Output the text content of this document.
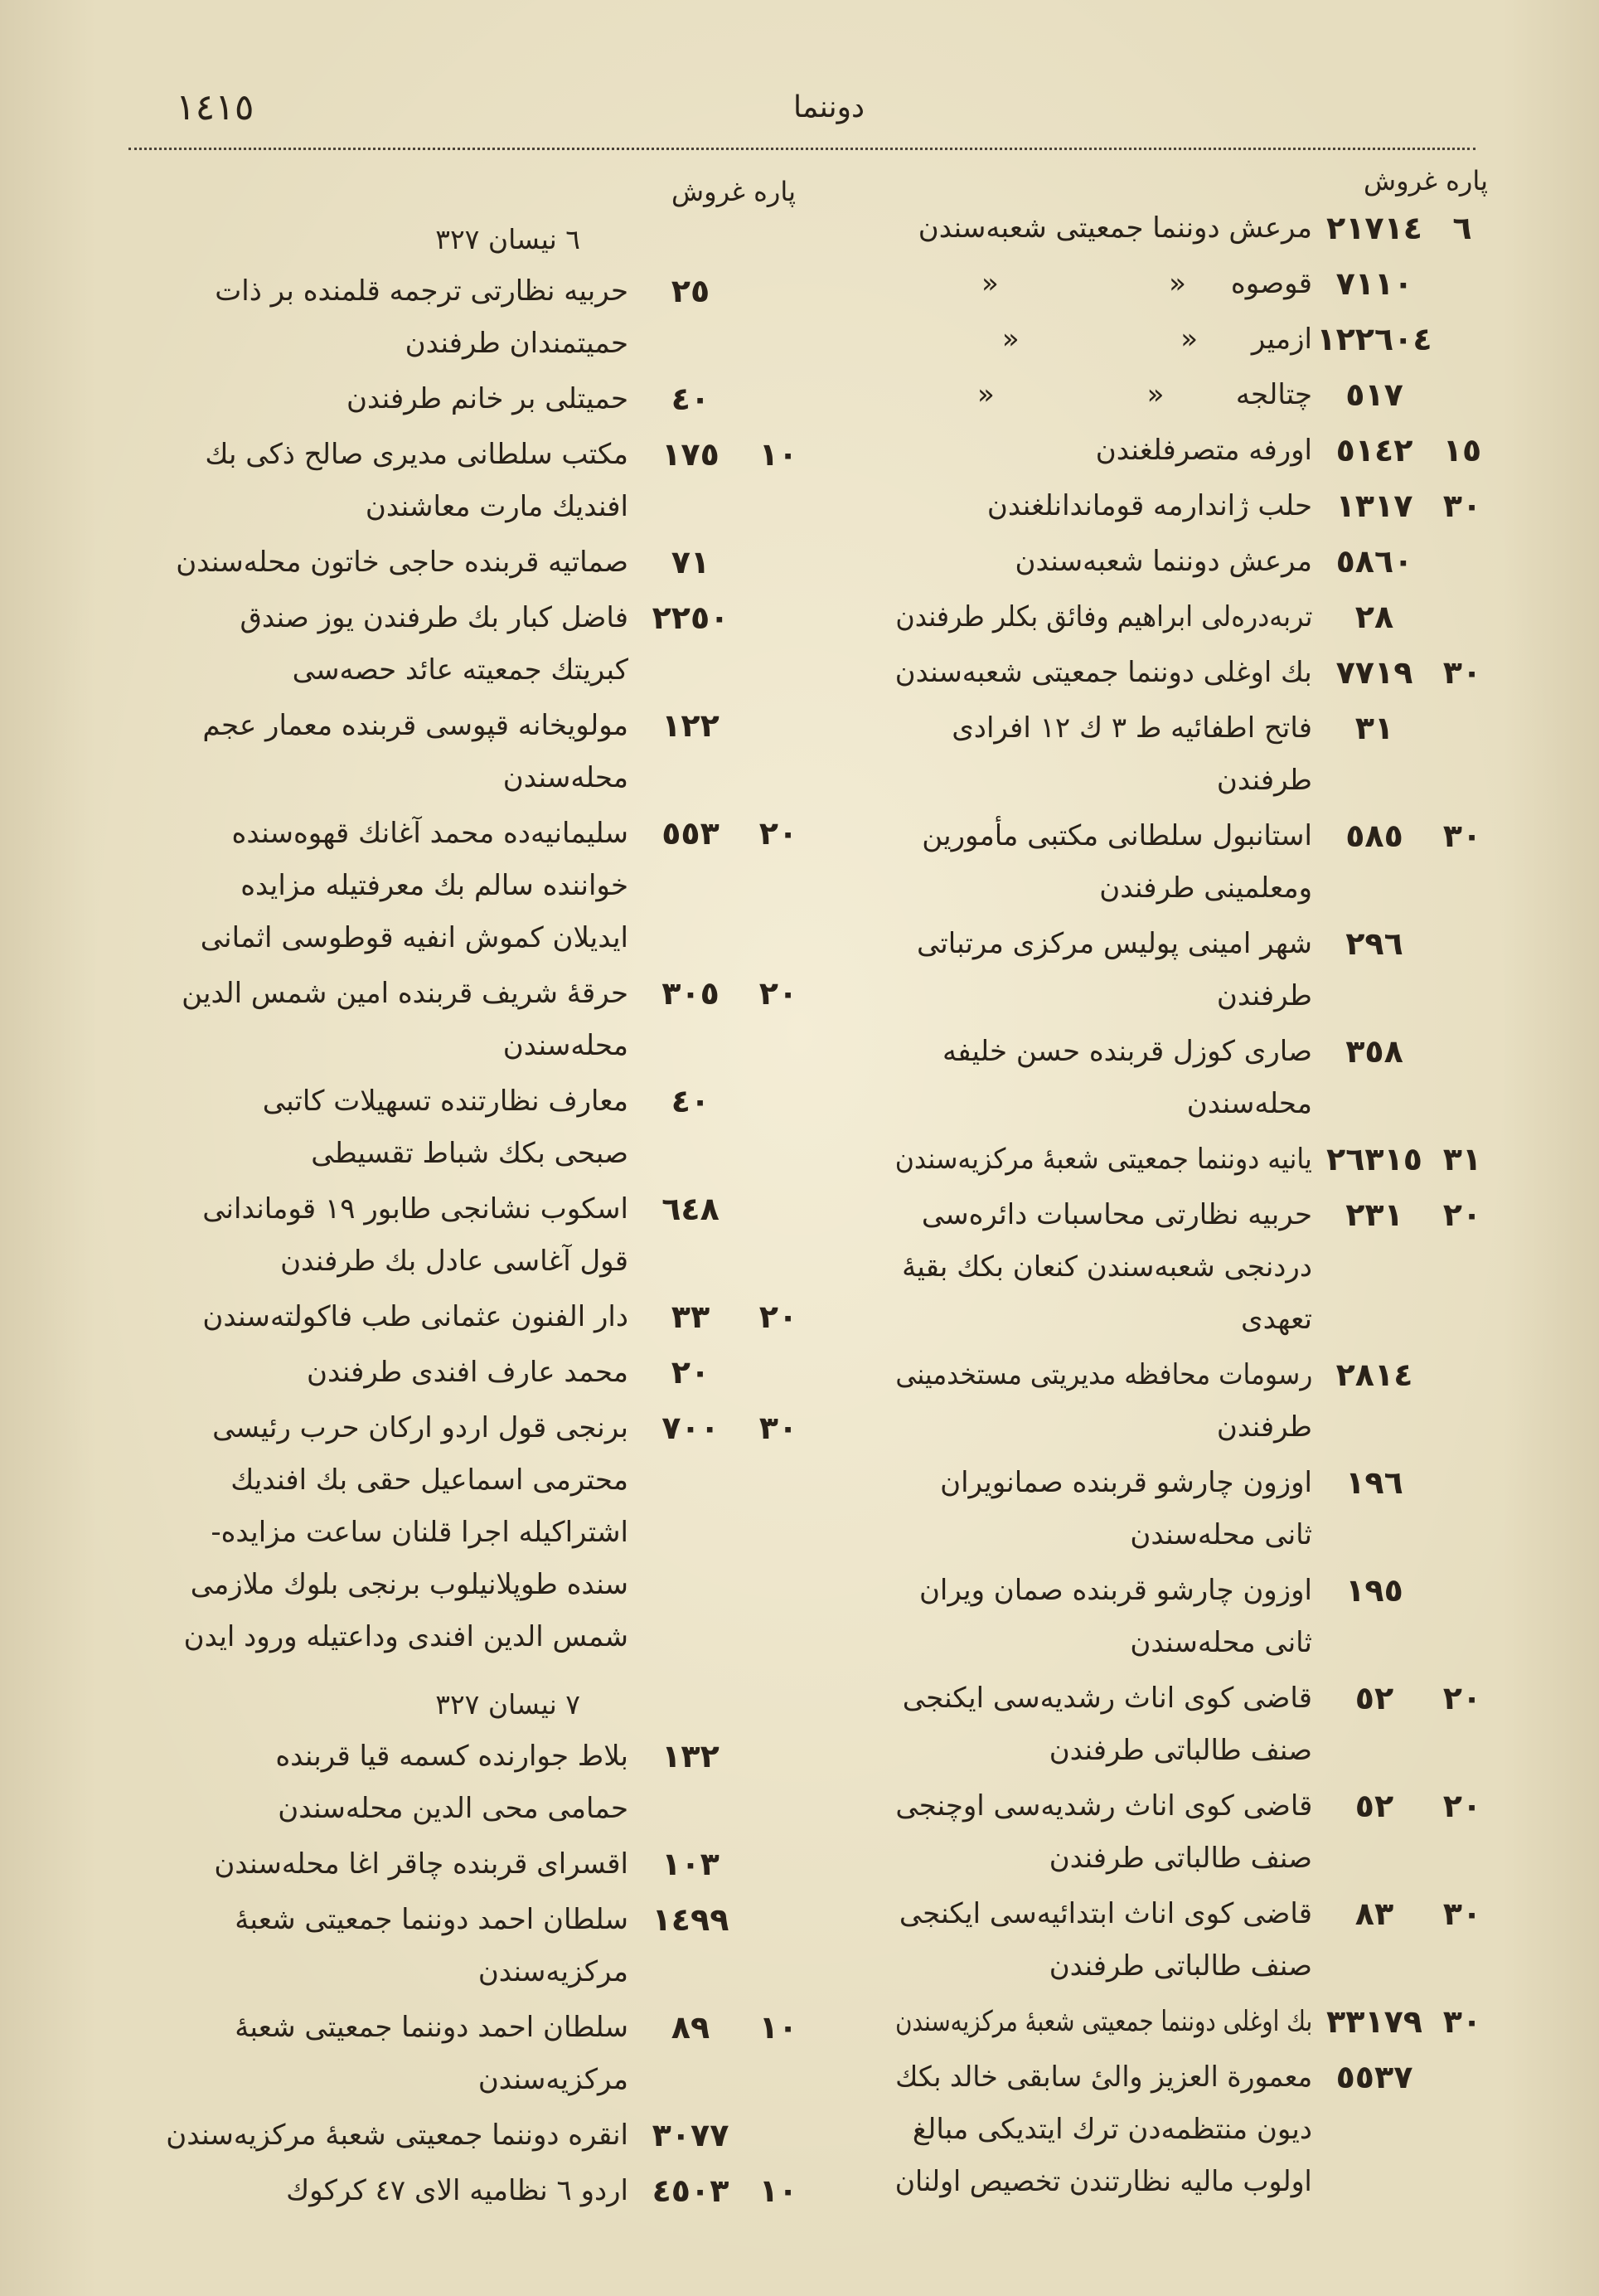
١٤١٥	دوننما
پاره غروش
٦
٢١٧١٤
مرعش دوننما جمعيتی شعبه‌سندن
٧١١٠
قوصوه     «                   «
١٢٢٦٠٤
ازمير      «                  «
٥١٧
چتالجه        «                 «
١٥
٥١٤٢
اورفه متصرفلغندن
٣٠
١٣١٧
حلب ژاندارمه قوماندانلغندن
٥٨٦٠
مرعش دوننما شعبه‌سندن
٢٨
تربه‌دره‌لی ابراهيم وفائق بكلر طرفندن
٣٠
٧٧١٩
بك اوغلی دوننما جمعيتی شعبه‌سندن
٣١
فاتح اطفائيه ط ٣ ك ١٢ افرادی
طرفندن
٣٠
٥٨٥
استانبول سلطانی مكتبی مأمورين
ومعلمينی طرفندن
٢٩٦
شهر امينی پوليس مركزی مرتباتی
طرفندن
٣٥٨
صاری كوزل قربنده حسن خليفه
محله‌سندن
٣١
٢٦٣١٥
يانيه دوننما جمعيتی شعبهٔ مركزيه‌سندن
٢٠
٢٣١
حربيه نظارتی محاسبات دائره‌سی
دردنجی شعبه‌سندن كنعان بكك بقيهٔ
تعهدی
٢٨١٤
رسومات محافظه مديريتی مستخدمينی
طرفندن
١٩٦
اوزون چارشو قربنده صمانويران
ثانی محله‌سندن
١٩٥
اوزون چارشو قربنده صمان ويران
ثانی محله‌سندن
٢٠
٥٢
قاضی كوی اناث رشديه‌سی ايكنجی
صنف طالباتی طرفندن
٢٠
٥٢
قاضی كوی اناث رشديه‌سی اوچنجی
صنف طالباتی طرفندن
٣٠
٨٣
قاضی كوی اناث ابتدائيه‌سی ايكنجی
صنف طالباتی طرفندن
٣٠
٣٣١٧٩
بك اوغلی دوننما جمعيتی شعبهٔ مركزيه‌سندن
٥٥٣٧
معمورة العزيز والیٔ سابقی خالد بكك
ديون منتظمه‌دن ترك ايتديكی مبالغ
اولوب ماليه نظارتندن تخصيص اولنان
پاره غروش
٦ نيسان ٣٢٧
٢٥
حربيه نظارتی ترجمه قلمنده بر ذات
حميتمندان طرفندن
٤٠
حميتلی بر خانم طرفندن
١٠
١٧٥
مكتب سلطانی مديری صالح ذكی بك
افنديك مارت معاشندن
٧١
صماتيه قربنده حاجی خاتون محله‌سندن
٢٢٥٠
فاضل كبار بك طرفندن يوز صندق
كبريتك جمعيته عائد حصه‌سی
١٢٢
مولويخانه قپوسی قربنده معمار عجم
محله‌سندن
٢٠
٥٥٣
سليمانيه‌ده محمد آغانك قهوه‌سنده
خواننده سالم بك معرفتيله مزايده
ايديلان كموش انفيه قوطوسی اثمانی
٢٠
٣٠٥
حرقهٔ شريف قربنده امين شمس الدين
محله‌سندن
٤٠
معارف نظارتنده تسهيلات كاتبی
صبحی بكك شباط تقسيطی
٦٤٨
اسكوب نشانجی طابور ١٩ قوماندانی
قول آغاسی عادل بك طرفندن
٢٠
٣٣
دار الفنون عثمانی طب فاكولته‌سندن
٢٠
محمد عارف افندی طرفندن
٣٠
٧٠٠
برنجی قول اردو اركان حرب رئيسی
محترمی اسماعيل حقی بك افنديك
اشتراكيله اجرا قلنان ساعت مزايده-
سنده طوپلانيلوب برنجی بلوك ملازمی
شمس الدين افندی وداعتيله ورود ايدن
٧ نيسان ٣٢٧
١٣٢
بلاط جوارنده كسمه قيا قربنده
حمامی محی الدين محله‌سندن
١٠٣
اقسرای قربنده چاقر اغا محله‌سندن
١٤٩٩
سلطان احمد دوننما جمعيتی شعبهٔ
مركزيه‌سندن
١٠
٨٩
سلطان احمد دوننما جمعيتی شعبهٔ
مركزيه‌سندن
٣٠٧٧
انقره دوننما جمعيتی شعبهٔ مركزيه‌سندن
١٠
٤٥٠٣
اردو ٦ نظاميه الای ٤٧ كركوك
